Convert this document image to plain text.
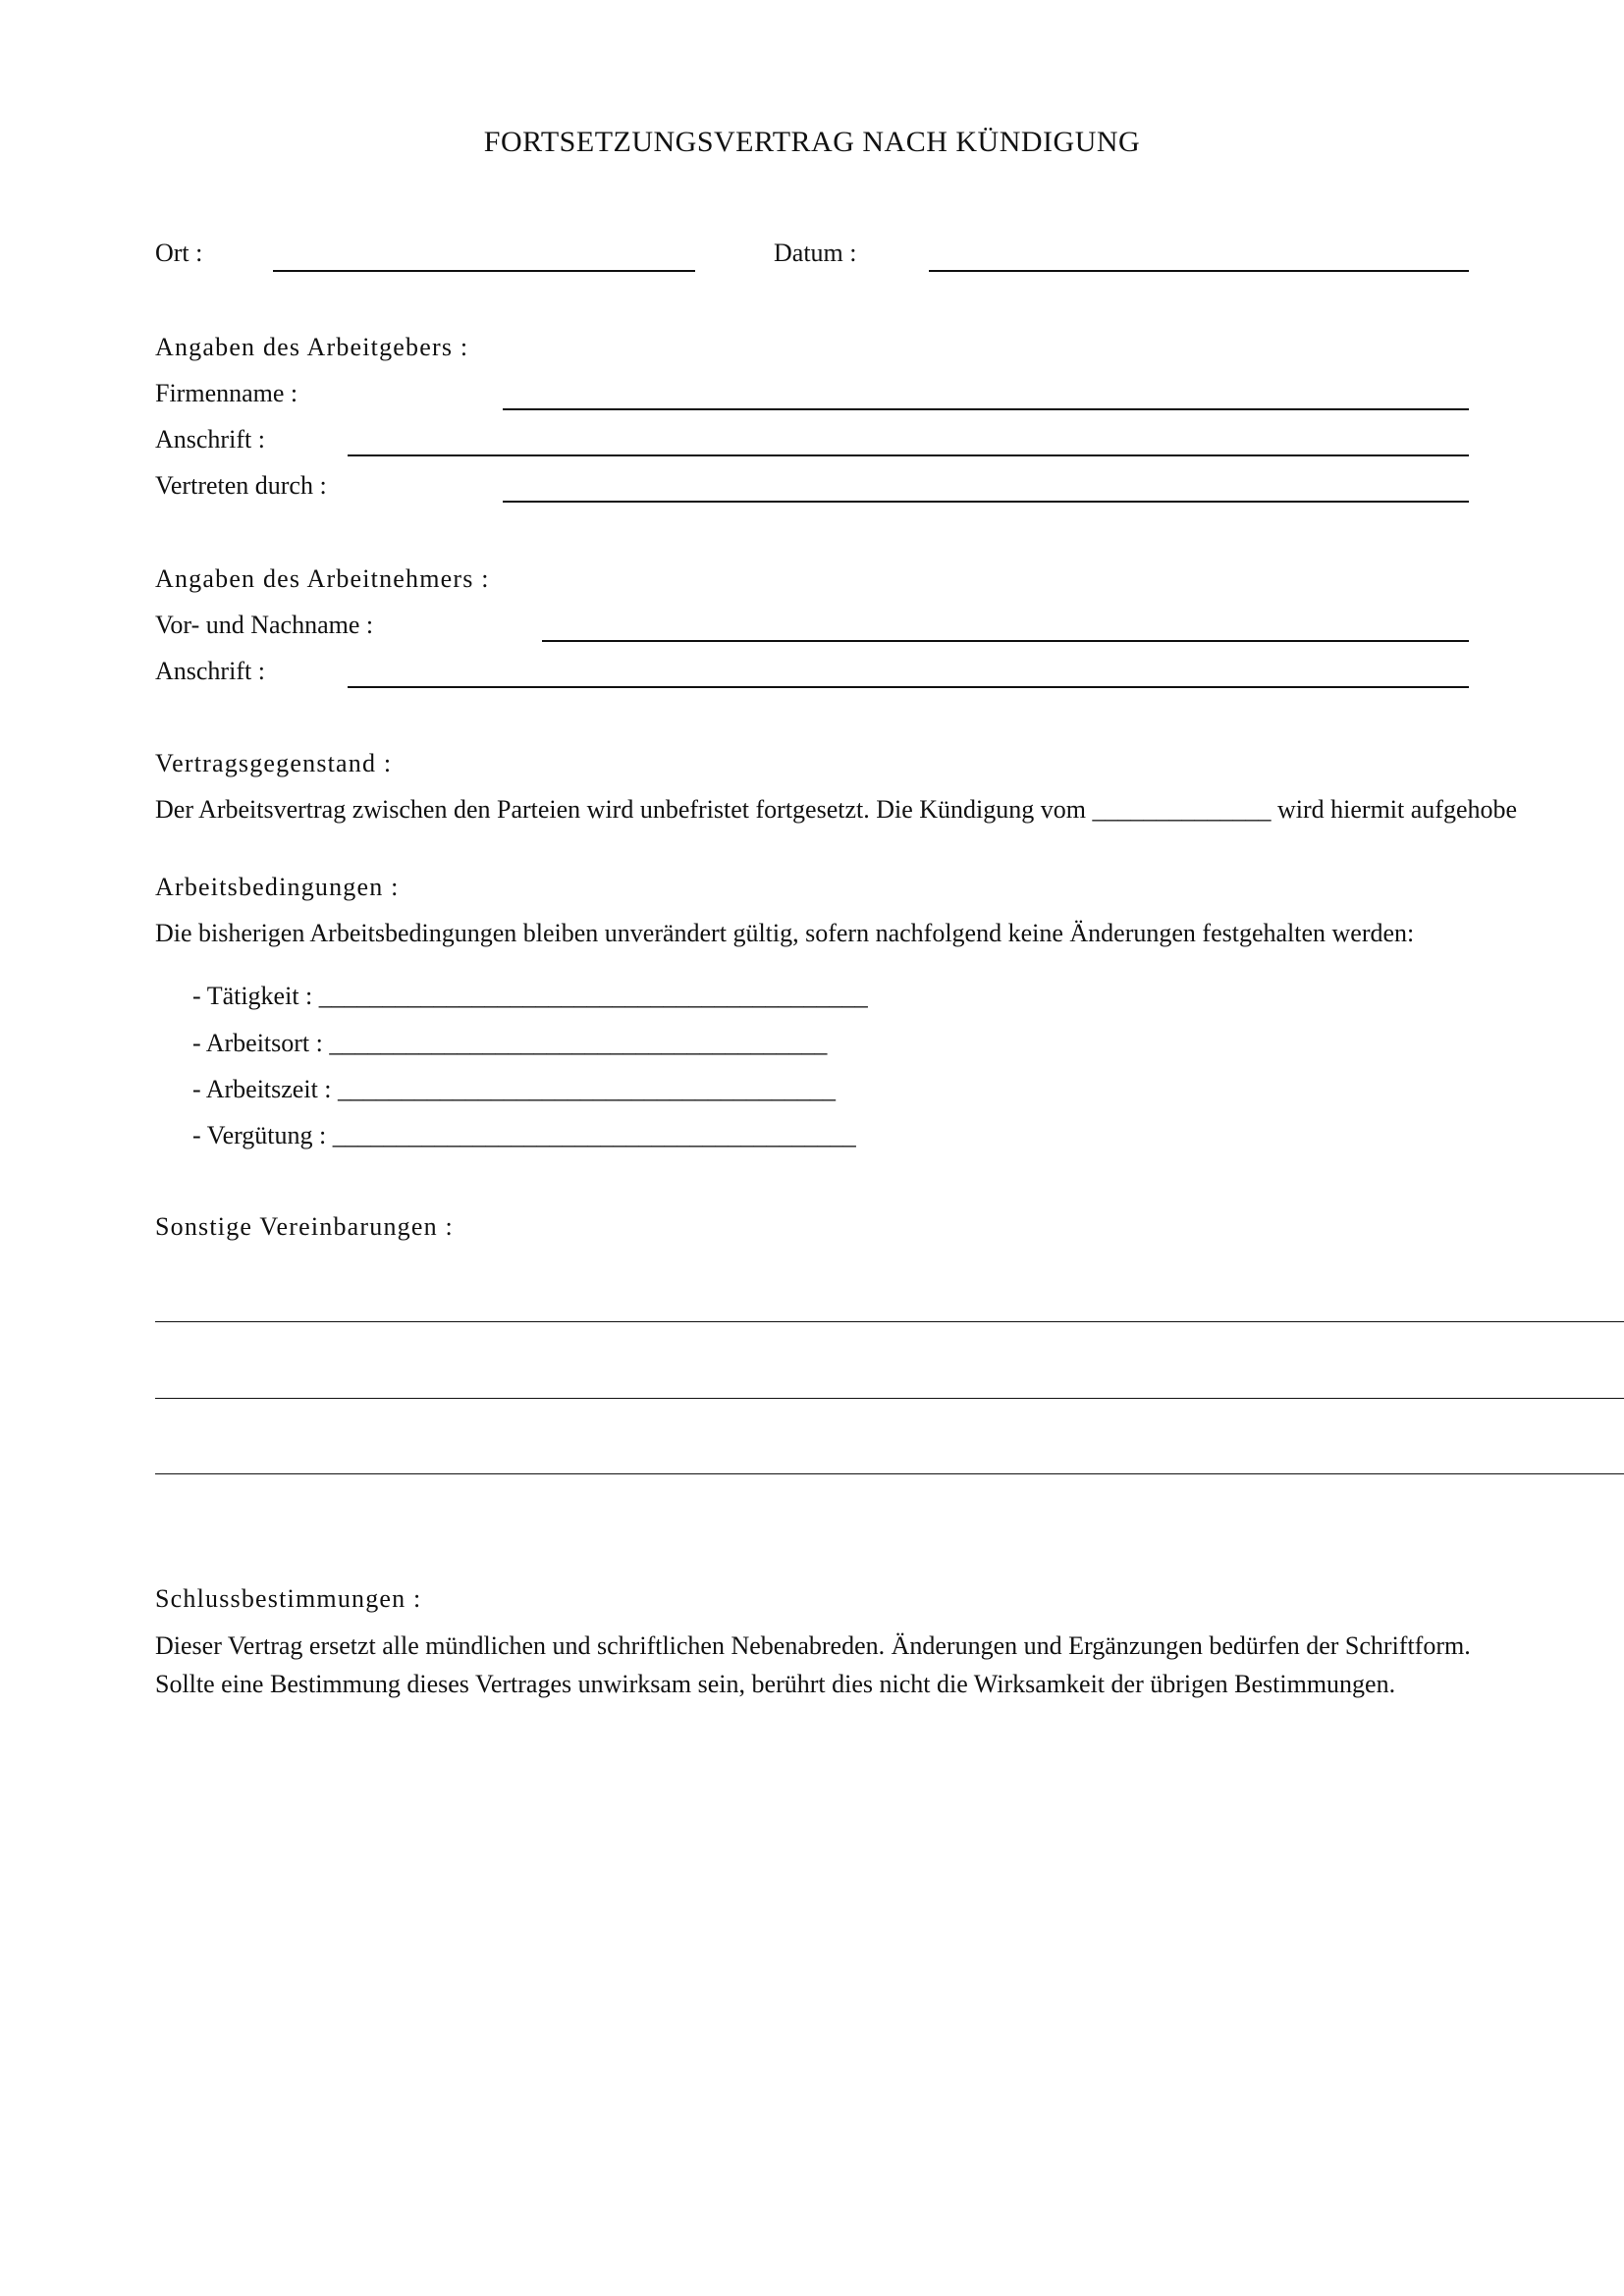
FORTSETZUNGSVERTRAG NACH KÜNDIGUNG
Ort :	Datum :
Angaben des Arbeitgebers :
Firmenname :
Anschrift :
Vertreten durch :
Angaben des Arbeitnehmers :
Vor- und Nachname :
Anschrift :
Vertragsgegenstand :
Der Arbeitsvertrag zwischen den Parteien wird unbefristet fortgesetzt. Die Kündigung vom ______________ wird hiermit aufgehobe
Arbeitsbedingungen :
Die bisherigen Arbeitsbedingungen bleiben unverändert gültig, sofern nachfolgend keine Änderungen festgehalten werden:
- Tätigkeit : ___________________________________________
- Arbeitsort : _______________________________________
- Arbeitszeit : _______________________________________
- Vergütung : _________________________________________
Sonstige Vereinbarungen :
Schlussbestimmungen :
Dieser Vertrag ersetzt alle mündlichen und schriftlichen Nebenabreden. Änderungen und Ergänzungen bedürfen der Schriftform. Sollte eine Bestimmung dieses Vertrages unwirksam sein, berührt dies nicht die Wirksamkeit der übrigen Bestimmungen.
